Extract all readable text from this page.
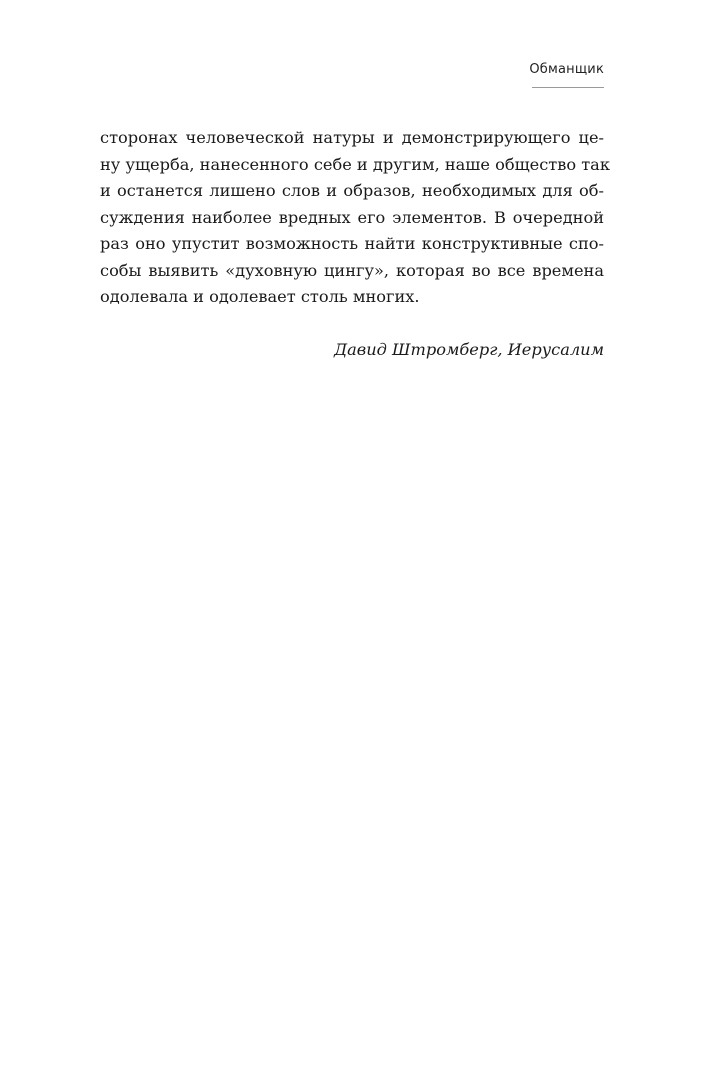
Обманщик
сторонах человеческой натуры и демонстрирующего це-
ну ущерба, нанесенного себе и другим, наше общество так
и останется лишено слов и образов, необходимых для об-
суждения наиболее вредных его элементов. В очередной
раз оно упустит возможность найти конструктивные спо-
собы выявить «духовную цингу», которая во все времена
одолевала и одолевает столь многих.
Давид Штромберг, Иерусалим
